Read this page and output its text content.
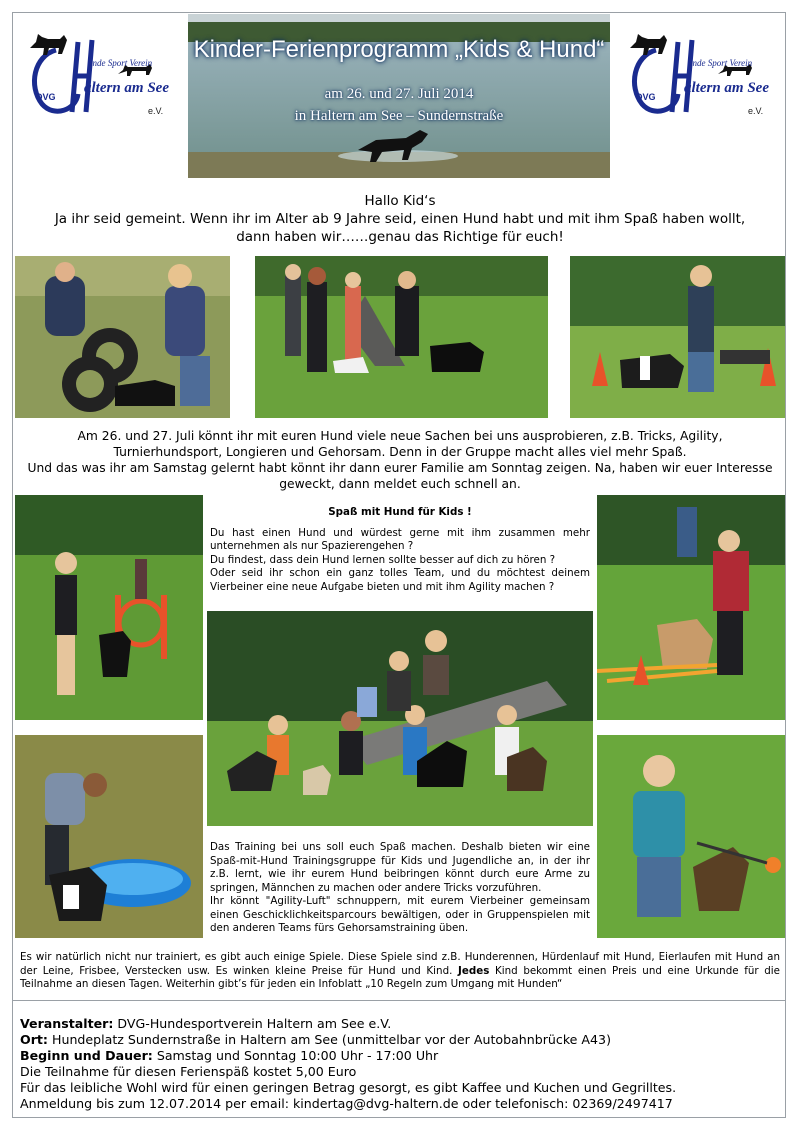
unde Sport Verein
altern am See
e.V.
DVG
unde Sport Verein
altern am See
e.V.
DVG
Kinder-Ferienprogramm „Kids & Hund“
am 26. und 27. Juli 2014
in Haltern am See – Sundernstraße
Hallo Kid‘s
Ja ihr seid gemeint. Wenn ihr im Alter ab 9 Jahre seid, einen Hund habt und mit ihm Spaß haben wollt,
dann haben wir……genau das Richtige für euch!
Am 26. und 27. Juli könnt ihr mit euren Hund viele neue Sachen bei uns ausprobieren, z.B. Tricks, Agility,
Turnierhundsport, Longieren und Gehorsam. Denn in der Gruppe macht alles viel mehr Spaß.
Und das was ihr am Samstag gelernt habt könnt ihr dann eurer Familie am Sonntag zeigen. Na, haben wir euer Interesse
geweckt, dann meldet euch schnell an.
Spaß mit Hund für Kids !
Du hast einen Hund und würdest gerne mit ihm zusammen mehr unternehmen als nur Spazierengehen ?
Du findest, dass dein Hund lernen sollte besser auf dich zu hören ?
Oder seid ihr schon ein ganz tolles Team, und du möchtest deinem Vierbeiner eine neue Aufgabe bieten und mit ihm Agility machen ?
Das Training bei uns soll euch Spaß machen. Deshalb bieten wir eine Spaß-mit-Hund Trainingsgruppe für Kids und Jugendliche an, in der ihr z.B. lernt, wie ihr eurem Hund beibringen könnt durch eure Arme zu springen, Männchen zu machen oder andere Tricks vorzuführen.
Ihr könnt "Agility-Luft" schnuppern, mit eurem Vierbeiner gemeinsam einen Geschicklichkeitsparcours bewältigen, oder in Gruppenspielen mit den anderen Teams fürs Gehorsamstraining üben.
Es wir natürlich nicht nur trainiert, es gibt auch einige Spiele. Diese Spiele sind z.B. Hunderennen, Hürdenlauf mit Hund, Eierlaufen mit Hund an der Leine, Frisbee, Verstecken usw. Es winken kleine Preise für Hund und Kind. Jedes Kind bekommt einen Preis und eine Urkunde für die Teilnahme an diesen Tagen. Weiterhin gibt’s für jeden ein Infoblatt „10 Regeln zum Umgang mit Hunden“
Veranstalter: DVG-Hundesportverein Haltern am See e.V.
Ort: Hundeplatz Sundernstraße in Haltern am See (unmittelbar vor der Autobahnbrücke A43)
Beginn und Dauer: Samstag und Sonntag 10:00 Uhr - 17:00 Uhr
Die Teilnahme für diesen Ferienspäß kostet 5,00 Euro
Für das leibliche Wohl wird für einen geringen Betrag gesorgt, es gibt Kaffee und Kuchen und Gegrilltes.
Anmeldung bis zum 12.07.2014 per email: kindertag@dvg-haltern.de oder telefonisch: 02369/2497417
